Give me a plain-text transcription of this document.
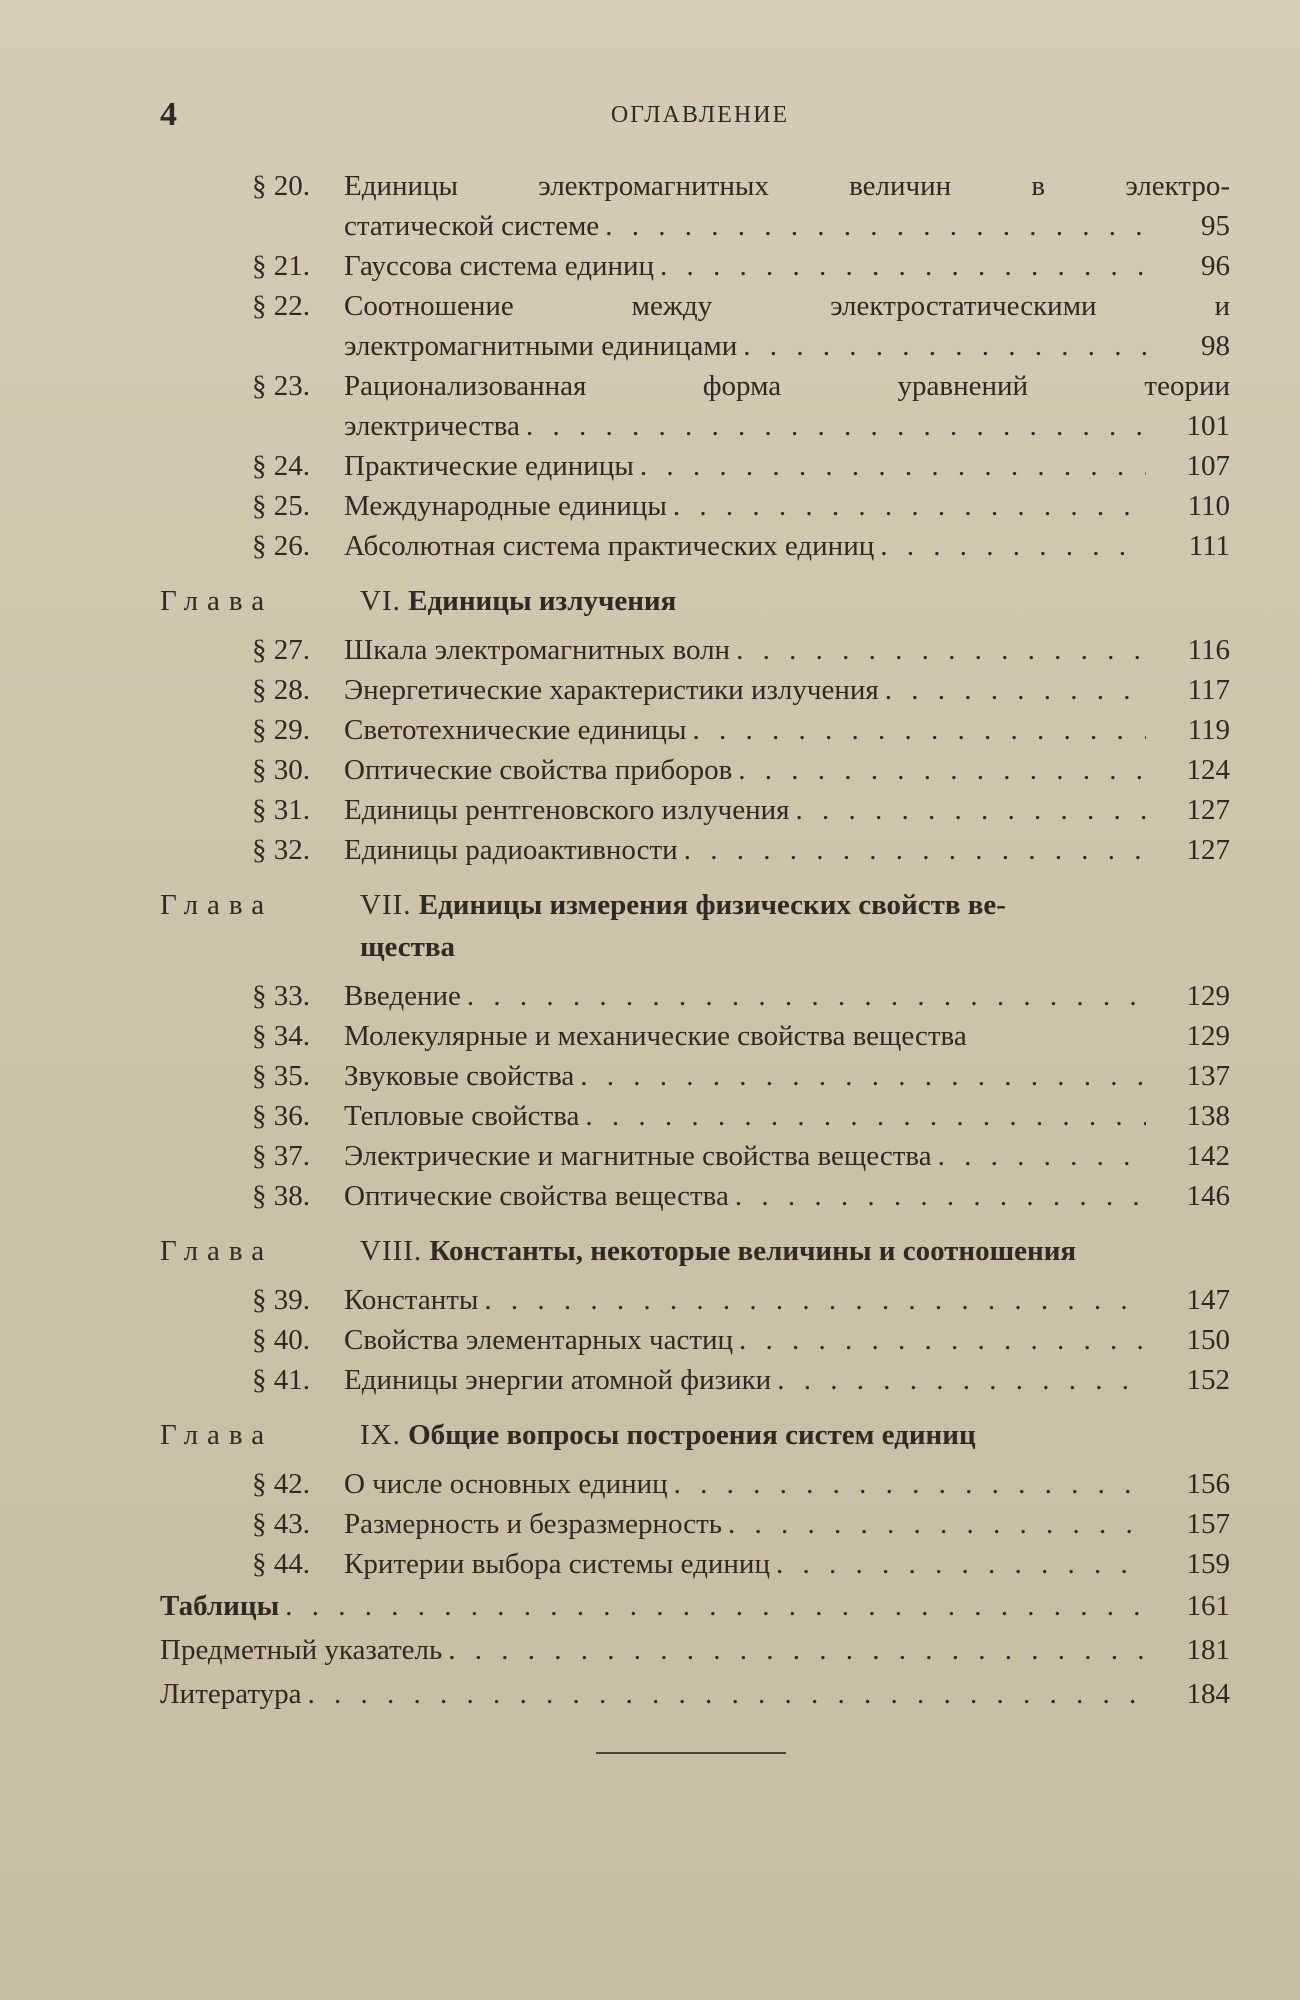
4	ОГЛАВЛЕНИЕ
§ 20.	Единицы электромагнитных величин в электро-
статической системе . . .	95
§ 21.	Гауссова система единиц . . .	96
§ 22.	Соотношение между электростатическими и
электромагнитными единицами . . .	98
§ 23.	Рационализованная форма уравнений теории
электричества . . .	101
§ 24.	Практические единицы . . .	107
§ 25.	Международные единицы . . .	110
§ 26.	Абсолютная система практических единиц . . .	111
Глава	VI. Единицы излучения
§ 27.	Шкала электромагнитных волн . . .	116
§ 28.	Энергетические характеристики излучения . . .	117
§ 29.	Светотехнические единицы . . .	119
§ 30.	Оптические свойства приборов . . .	124
§ 31.	Единицы рентгеновского излучения . . .	127
§ 32.	Единицы радиоактивности . . .	127
Глава	VII. Единицы измерения физических свойств ве-
щества
§ 33.	Введение . . .	129
§ 34.	Молекулярные и механические свойства вещества	129
§ 35.	Звуковые свойства . . .	137
§ 36.	Тепловые свойства . . .	138
§ 37.	Электрические и магнитные свойства вещества . . .	142
§ 38.	Оптические свойства вещества . . .	146
Глава	VIII. Константы, некоторые величины и соотношения
§ 39.	Константы . . .	147
§ 40.	Свойства элементарных частиц . . .	150
§ 41.	Единицы энергии атомной физики . . .	152
Глава	IX. Общие вопросы построения систем единиц
§ 42.	О числе основных единиц . . .	156
§ 43.	Размерность и безразмерность . . .	157
§ 44.	Критерии выбора системы единиц . . .	159
Таблицы . . .	161
Предметный указатель . . .	181
Литература . . .	184
